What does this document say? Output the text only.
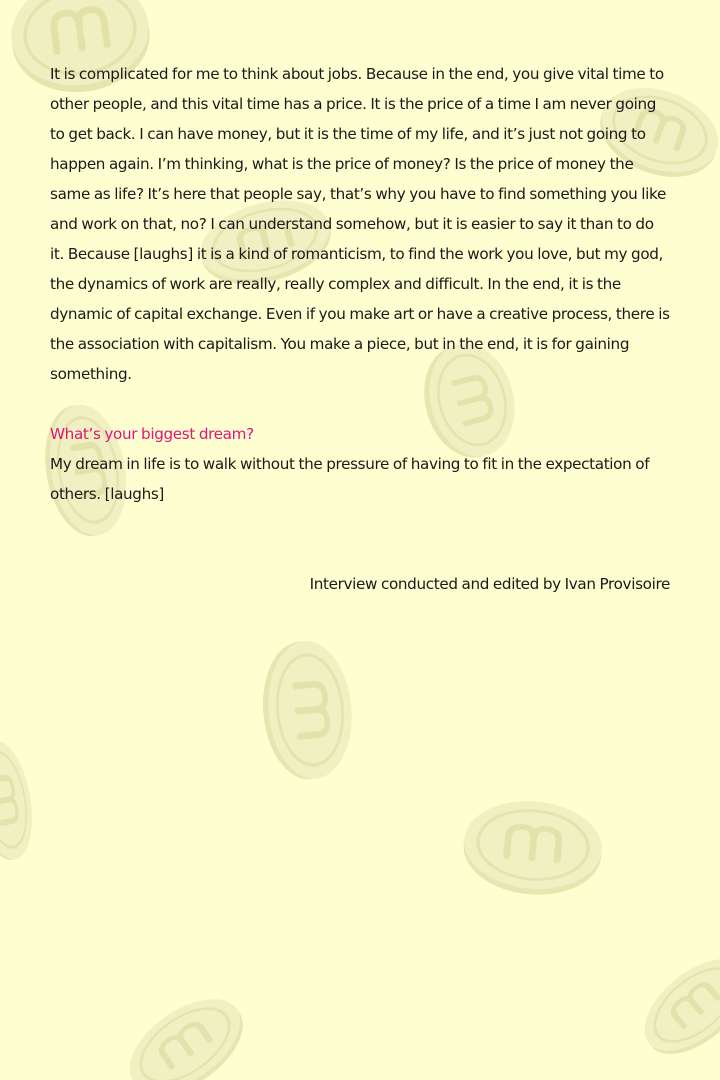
It is complicated for me to think about jobs. Because in the end, you give vital time to other people, and this vital time has a price. It is the price of a time I am never going to get back. I can have money, but it is the time of my life, and it’s just not going to happen again. I’m thinking, what is the price of money? Is the price of money the same as life? It’s here that people say, that’s why you have to find something you like and work on that, no? I can understand somehow, but it is easier to say it than to do it. Because [laughs] it is a kind of romanticism, to find the work you love, but my god, the dynamics of work are really, really complex and difficult. In the end, it is the dynamic of capital exchange. Even if you make art or have a creative process, there is the association with capitalism. You make a piece, but in the end, it is for gaining something.

What’s your biggest dream?

My dream in life is to walk without the pressure of having to fit in the expectation of others. [laughs]

Interview conducted and edited by Ivan Provisoire
